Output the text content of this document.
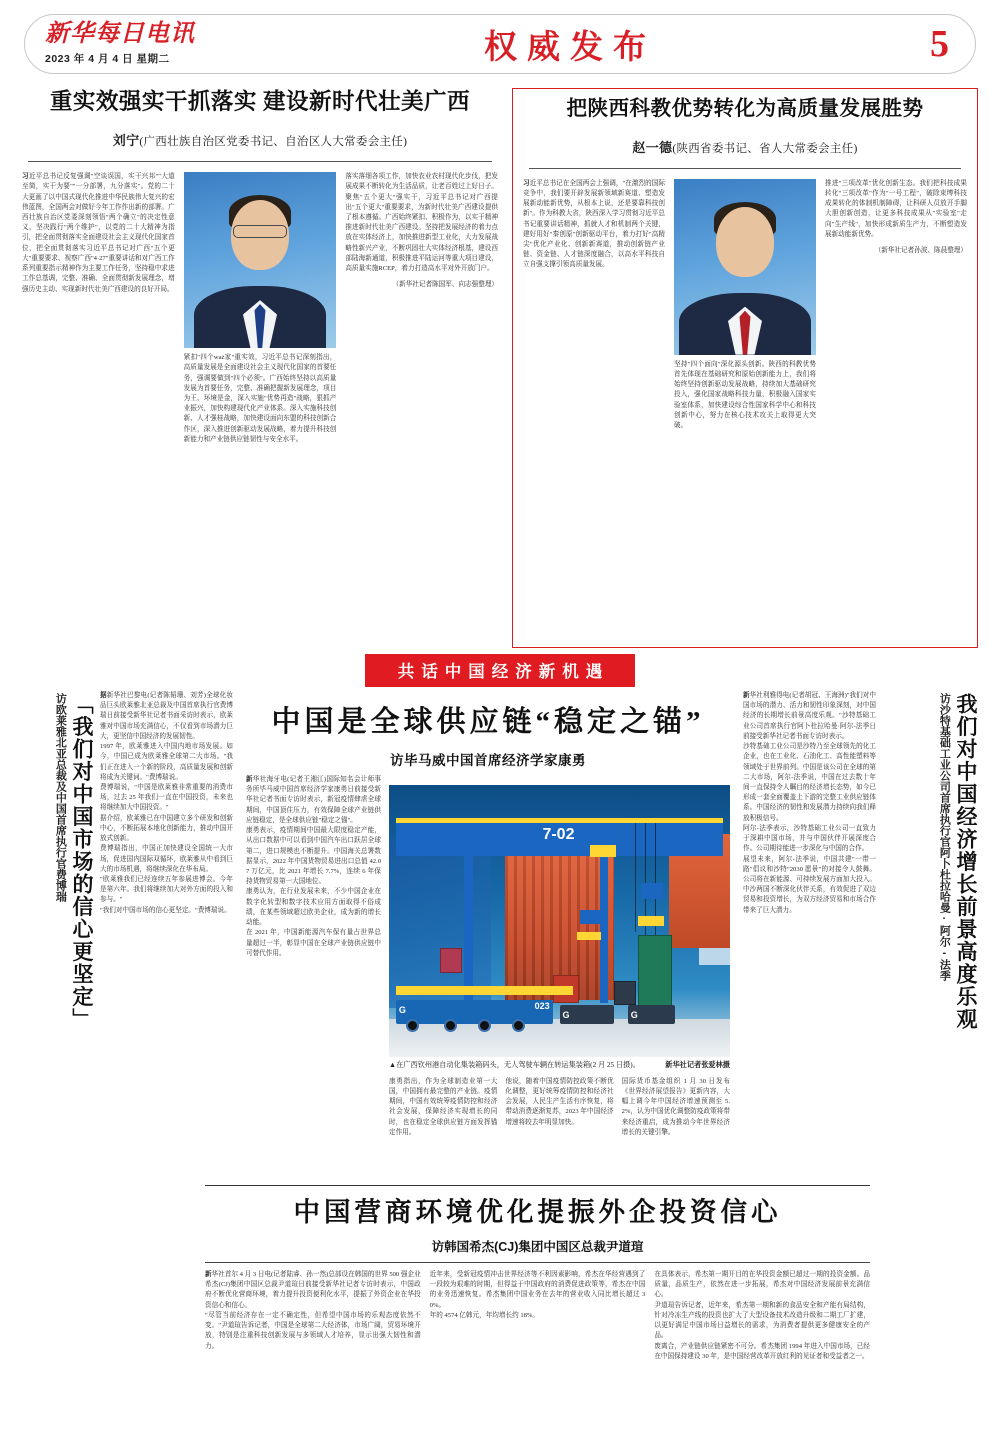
新华每日电讯
2023 年 4 月 4 日 星期二	权威发布	5
重实效强实干抓落实 建设新时代壮美广西
刘宁(广西壮族自治区党委书记、自治区人大常委会主任)
习近平总书记反复强调"空谈误国，实干兴邦""大道至简，实干为要""一分部署，九分落实"。党的二十大更画了以中国式现代化推进中华民族伟大复兴的宏伟蓝图，全国两会对做好今年工作作出新的部署。广西壮族自治区党委深刻领悟"两个确立"的决定性意义，坚决践行"两个维护"，以党的二十大精神为指引，把全面贯彻落实全面建设社会主义现代化国家首位，把全面贯彻落实习近平总书记对广西"五个更大"重要要求、视察广西"4·27"重要讲话和对广西工作系列重要指示精神作为主要工作任务，坚持稳中求进工作总基调，完整、准确、全面贯彻新发展理念，增强历史主动、实现新时代壮美广西建设的良好开局。
紧扣"四个waż家"重实效，习近平总书记深刻指出，高质量发展是全面建设社会主义现代化国家的首要任务，强调要做到"四个必须"。广西始终坚持以高质量发展为首要任务，完整、准确把握新发展理念，项目为王、环境是金，深入实施"优势再造"战略，狠抓产业振兴，加快构建现代化产业体系。深入实施科技创新、人才强桂战略，加快建设面向东盟的科技创新合作区，深入推进创新驱动发展战略，着力提升科技创新能力和产业链供应链韧性与安全水平。
落实落细各项工作，加快农业农村现代化步伐，把发展成果不断转化为生活品质，让老百姓过上好日子。聚焦"五个更大"强实干，习近平总书记对广西提出"五个更大"重要要求，为新时代壮美广西建设提供了根本遵循。广西始终紧扣、积极作为，以实干精神推进新时代壮美广西建设。坚持把发展经济的着力点放在实体经济上，加快推进新型工业化，大力发展战略性新兴产业，不断巩固壮大实体经济根基，建设西部陆海新通道，积极推进平陆运河等重大项目建设，高质量实施RCEP，着力打造高水平对外开放门户。
（新华社记者陈国军、向志强整理）
把陕西科教优势转化为高质量发展胜势
赵一德(陕西省委书记、省人大常委会主任)
习近平总书记在全国两会上强调，"在激烈的国际竞争中，我们要开辟发展新领域新赛道、塑造发展新动能新优势，从根本上说，还是要靠科技创新"。作为科教大省，陕西深入学习贯彻习近平总书记重要讲话精神，抓就人才和机制两个关键，建好用好"秦创原"创新驱动平台，着力打好"高精尖"优化产业化、创新新赛道，推动创新链产业链、资金链、人才链深度融合，以高水平科技自立自强支撑引领高质量发展。
坚持"四个面向"深化源头创新。陕西的科教优势首先体现在基础研究和原始创新能力上，我们将始终坚持创新驱动发展战略，持续加大基础研究投入，强化国家战略科技力量，积极融入国家实验室体系，加快建设综合性国家科学中心和科技创新中心，努力在核心技术攻关上取得更大突破。
推进"三项改革"优化创新生态。我们把科技成果转化"三项改革"作为"一号工程"，破除束缚科技成果转化的体制机制障碍，让科研人员放开手脚大胆创新创造，让更多科技成果从"实验室"走向"生产线"，加快形成新质生产力，不断塑造发展新动能新优势。
（新华社记者孙波、陈晨整理）
共话中国经济新机遇
「我们对中国市场的信心更坚定」
访欧莱雅北亚总裁及中国首席执行官费博瑞	据新华社巴黎电(记者陈韬珊、刘芳)全球化妆品巨头欧莱雅北亚总裁及中国首席执行官费博瑞日前接受新华社记者书面采访时表示，欧莱雅对中国市场充满信心，不仅看到市场潜力巨大，更坚信中国经济的发展韧性。
1997 年，欧莱雅进入中国内地市场发展。如今，中国已成为欧莱雅全球第二大市场。"我们正在进入一个新的阶段，高质量发展和创新将成为关键词。"费博瑞说。
费博瑞说，"中国是欧莱雅非常重要的消费市场，过去 25 年我们一直在中国投资，未来也将继续加大中国投资。"
据介绍，欧莱雅已在中国建立多个研发和创新中心，不断拓展本地化创新能力，推动中国开放式创新。
费博瑞指出，中国正加快建设全国统一大市场，促进国内国际双循环，欧莱雅从中看到巨大的市场机遇，将继续深化在华布局。
"欧莱雅我们已经连续五年参展进博会。今年是第六年。我们将继续加大对外方面的投入和参与。"
"我们对中国市场的信心更坚定。"费博瑞说。
中国是全球供应链“稳定之锚”
访毕马威中国首席经济学家康勇
新华社海牙电(记者王湘江)国际知名会计师事务所毕马威中国首席经济学家康勇日前接受新华社记者书面专访时表示，新冠疫情肆虐全球期间，中国顶住压力，有效保障全球产业链供应链稳定，是全球供应链"稳定之锚"。
康勇表示，疫情期间中国最大限度稳定产能，从出口数据中可以看到中国汽车出口跃居全球第二，进口规模也不断提升。中国海关总署数据显示，2022 年中国货物贸易进出口总值 42.07 万亿元，比 2021 年增长 7.7%，连续 6 年保持货物贸易第一大国地位。
康勇认为，在行业发展未来，不少中国企业在数字化转型和数字技术应用方面取得不俗成绩，在某些领域超过欧美企业，成为新的增长动能。
在 2021 年，中国新能源汽车保有量占世界总量超过一半，彰显中国在全球产业链供应链中可替代作用。
7-02
G	023
G	G
▲在广西钦州港自动化集装箱码头，无人驾驶车辆在转运集装箱(2 月 25 日摄)。	新华社记者张爱林摄
康勇指出，作为全球制造业第一大国，中国拥有最完整的产业链。疫情期间，中国有效统筹疫情防控和经济社会发展，保障经济实现增长的同时，也在稳定全球供应链方面发挥锚定作用。
他说，随着中国疫情防控政策不断优化调整，更好统筹疫情防控和经济社会发展，人民生产生活有序恢复，将带动消费逐渐复苏，2023 年中国经济增速将较去年明显加快。
国际货币基金组织 1 月 30 日发布《世界经济展望报告》更新内容，大幅上调今年中国经济增速预测至 5.2%，认为中国优化调整防疫政策将带来经济重启，成为推动今年世界经济增长的关键引擎。
新华社利雅得电(记者胡冠、王海洲)"我们对中国市场的潜力、活力和韧性印象深刻，对中国经济的长期增长前景高度乐观。"沙特基础工业公司首席执行官阿卜杜拉哈曼·阿尔-法季日前接受新华社记者书面专访时表示。
沙特基础工业公司是沙特乃至全球领先的化工企业，也在工业化、石油化工、高性能塑料等领域处于世界前列。中国是该公司在全球的第二大市场，阿尔-法季说，中国在过去数十年间一直保持令人瞩目的经济增长态势，如今已形成一套全面覆盖上下游的完整工业供应链体系。中国经济的韧性和发展潜力持续向我们释放积极信号。
阿尔-法季表示，沙特基础工业公司一直致力于深耕中国市场，并与中国伙伴开展深度合作。公司期待能进一步深化与中国的合作。
展望未来，阿尔-法季说，中国共建"一带一路"倡议和沙特"2030 愿景"的对接令人鼓舞。公司将在新能源、可持续发展方面加大投入。中沙两国不断深化伙伴关系，有效促进了双边贸易和投资增长，为双方经济贸易和市场合作带来了巨大潜力。	我们对中国经济增长前景高度乐观
访沙特基础工业公司首席执行官阿卜杜拉哈曼·阿尔-法季
中国营商环境优化提振外企投资信心
访韩国希杰(CJ)集团中国区总裁尹道瑄
新华社首尔 4 月 3 日电(记者陆睿、孙一然)总部设在韩国的世界 500 强企业希杰(CJ)集团中国区总裁尹道瑄日前接受新华社记者专访时表示，中国政府不断优化营商环境，着力提升投资便利化水平，提振了外资企业在华投资信心和信心。
"尽管当前经济存在一定不确定性，但希望中国市场的乐观态度依然不变。"尹道瑄告诉记者，中国是全球第二大经济体，市场广阔，贸易环境开放，特别是注重科技创新发展与多领域人才培养，显示出强大韧性和潜力。
近年来，受新冠疫情冲击世界经济等不利因素影响，希杰在华经营遇到了一段较为艰难的时期，但得益于中国政府的消费促进政策等，希杰在中国的业务迅速恢复。希杰集团中国业务在去年的营业收入同比增长超过 30%。
年的 4574 亿韩元，年均增长约 18%。
在具体表示，希杰第一期开目的在华投资金额已超过一期的投资金额。品质量，品质生产，依然在进一步拓展，希杰对中国经济发展前景充满信心。
尹道瑄告诉记者，近年来，希杰第一期和新的食品安全和产能有局结构，针对冷冻生产线的投资也扩大了大型设备技术改造升级和二期工厂扩建，以更好满足中国市场日益增长的需求，为消费者提供更多健康安全的产品。
废离合，产业链供应链紧密不可分。希杰集团 1994 年进入中国市场，已经在中国保持建设 30 年，是中国经营改革开放红利的见证者和受益者之一。
